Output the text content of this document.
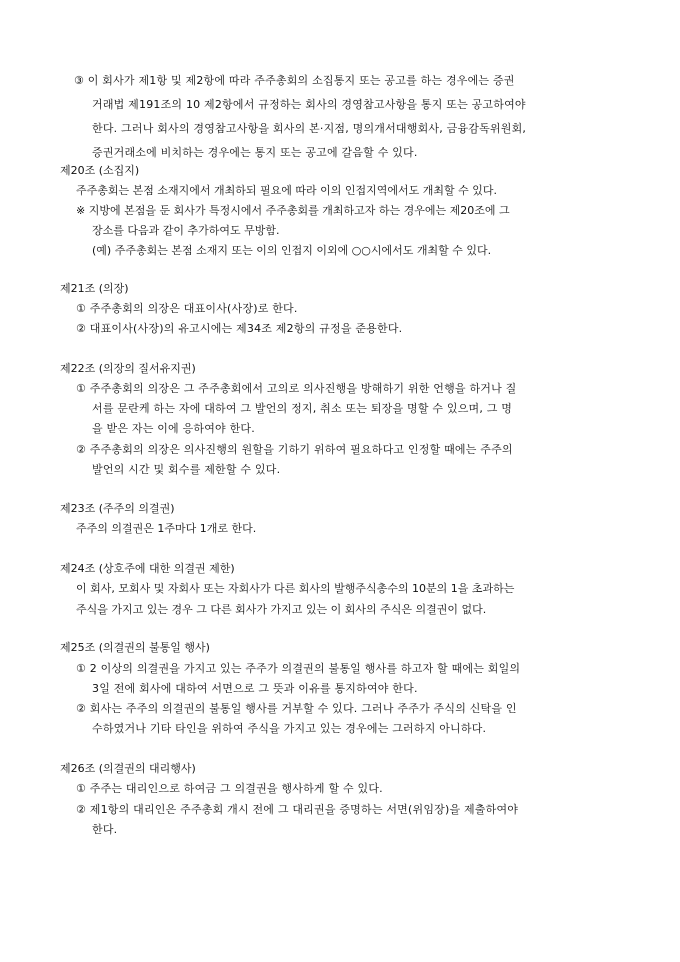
③ 이 회사가 제1항 및 제2항에 따라 주주총회의 소집통지 또는 공고를 하는 경우에는 증권
거래법 제191조의 10 제2항에서 규정하는 회사의 경영참고사항을 통지 또는 공고하여야
한다. 그러나 회사의 경영참고사항을 회사의 본·지점, 명의개서대행회사, 금융감독위원회,
증권거래소에 비치하는 경우에는 통지 또는 공고에 갈음할 수 있다.
제20조 (소집지)
주주총회는 본점 소재지에서 개최하되 필요에 따라 이의 인접지역에서도 개최할 수 있다.
※ 지방에 본점을 둔 회사가 특정시에서 주주총회를 개최하고자 하는 경우에는 제20조에 그
장소를 다음과 같이 추가하여도 무방함.
(예) 주주총회는 본점 소재지 또는 이의 인접지 이외에 ○○시에서도 개최할 수 있다.
제21조 (의장)
① 주주총회의 의장은 대표이사(사장)로 한다.
② 대표이사(사장)의 유고시에는 제34조 제2항의 규정을 준용한다.
제22조 (의장의 질서유지권)
① 주주총회의 의장은 그 주주총회에서 고의로 의사진행을 방해하기 위한 언행을 하거나 질
서를 문란케 하는 자에 대하여 그 발언의 정지, 취소 또는 퇴장을 명할 수 있으며, 그 명
을 받은 자는 이에 응하여야 한다.
② 주주총회의 의장은 의사진행의 원할을 기하기 위하여 필요하다고 인정할 때에는 주주의
발언의 시간 및 회수를 제한할 수 있다.
제23조 (주주의 의결권)
주주의 의결권은 1주마다 1개로 한다.
제24조 (상호주에 대한 의결권 제한)
이 회사, 모회사 및 자회사 또는 자회사가 다른 회사의 발행주식총수의 10분의 1을 초과하는
주식을 가지고 있는 경우 그 다른 회사가 가지고 있는 이 회사의 주식은 의결권이 없다.
제25조 (의결권의 불통일 행사)
① 2 이상의 의결권을 가지고 있는 주주가 의결권의 불통일 행사를 하고자 할 때에는 회일의
3일 전에 회사에 대하여 서면으로 그 뜻과 이유를 통지하여야 한다.
② 회사는 주주의 의결권의 불통일 행사를 거부할 수 있다. 그러나 주주가 주식의 신탁을 인
수하였거나 기타 타인을 위하여 주식을 가지고 있는 경우에는 그러하지 아니하다.
제26조 (의결권의 대리행사)
① 주주는 대리인으로 하여금 그 의결권을 행사하게 할 수 있다.
② 제1항의 대리인은 주주총회 개시 전에 그 대리권을 증명하는 서면(위임장)을 제출하여야
한다.
